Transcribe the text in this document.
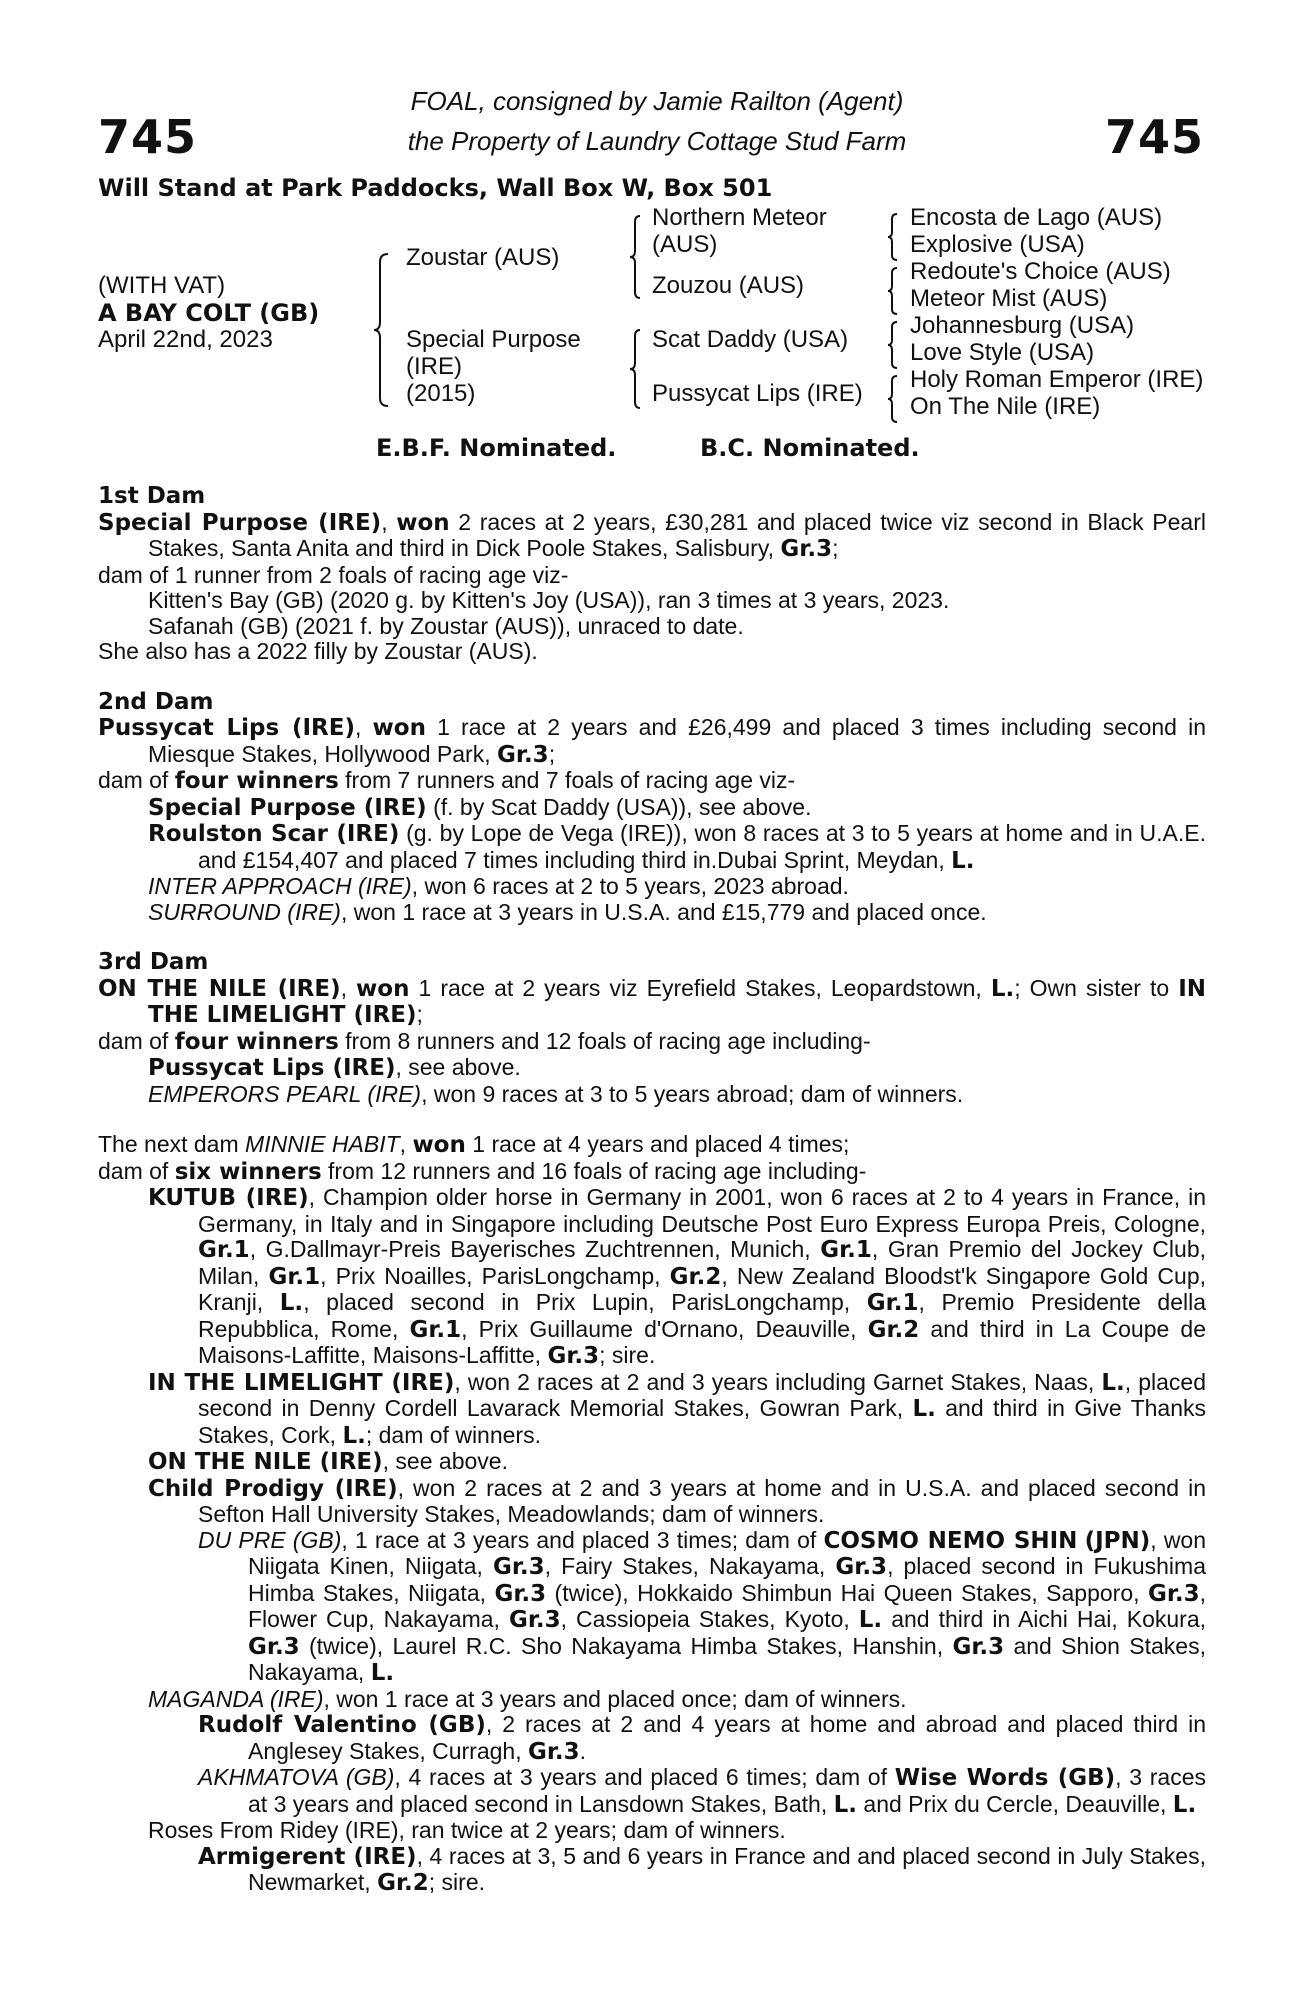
745	745
FOAL, consigned by Jamie Railton (Agent)
the Property of Laundry Cottage Stud Farm
Will Stand at Park Paddocks, Wall Box W, Box 501
(WITH VAT)
A BAY COLT (GB)
April 22nd, 2023
Zoustar (AUS)
Special Purpose
(IRE)
(2015)
Northern Meteor
(AUS)
Zouzou (AUS)
Scat Daddy (USA)
Pussycat Lips (IRE)
Encosta de Lago (AUS)
Explosive (USA)
Redoute's Choice (AUS)
Meteor Mist (AUS)
Johannesburg (USA)
Love Style (USA)
Holy Roman Emperor (IRE)
On The Nile (IRE)
E.B.F. Nominated.	B.C. Nominated.
1st Dam

Special Purpose (IRE), won 2 races at 2 years, £30,281 and placed twice viz second in Black Pearl Stakes, Santa Anita and third in Dick Poole Stakes, Salisbury, Gr.3;

dam of 1 runner from 2 foals of racing age viz-

Kitten's Bay (GB) (2020 g. by Kitten's Joy (USA)), ran 3 times at 3 years, 2023.

Safanah (GB) (2021 f. by Zoustar (AUS)), unraced to date.

She also has a 2022 filly by Zoustar (AUS).

2nd Dam

Pussycat Lips (IRE), won 1 race at 2 years and £26,499 and placed 3 times including second in Miesque Stakes, Hollywood Park, Gr.3;

dam of four winners from 7 runners and 7 foals of racing age viz-

Special Purpose (IRE) (f. by Scat Daddy (USA)), see above.

Roulston Scar (IRE) (g. by Lope de Vega (IRE)), won 8 races at 3 to 5 years at home and in U.A.E. and £154,407 and placed 7 times including third in.Dubai Sprint, Meydan, L.

INTER APPROACH (IRE), won 6 races at 2 to 5 years, 2023 abroad.

SURROUND (IRE), won 1 race at 3 years in U.S.A. and £15,779 and placed once.

3rd Dam

ON THE NILE (IRE), won 1 race at 2 years viz Eyrefield Stakes, Leopardstown, L.; Own sister to IN THE LIMELIGHT (IRE);

dam of four winners from 8 runners and 12 foals of racing age including-

Pussycat Lips (IRE), see above.

EMPERORS PEARL (IRE), won 9 races at 3 to 5 years abroad; dam of winners.

The next dam MINNIE HABIT, won 1 race at 4 years and placed 4 times;

dam of six winners from 12 runners and 16 foals of racing age including-

KUTUB (IRE), Champion older horse in Germany in 2001, won 6 races at 2 to 4 years in France, in Germany, in Italy and in Singapore including Deutsche Post Euro Express Europa Preis, Cologne, Gr.1, G.Dallmayr-Preis Bayerisches Zuchtrennen, Munich, Gr.1, Gran Premio del Jockey Club, Milan, Gr.1, Prix Noailles, ParisLongchamp, Gr.2, New Zealand Bloodst'k Singapore Gold Cup, Kranji, L., placed second in Prix Lupin, ParisLongchamp, Gr.1, Premio Presidente della Repubblica, Rome, Gr.1, Prix Guillaume d'Ornano, Deauville, Gr.2 and third in La Coupe de Maisons-Laffitte, Maisons-Laffitte, Gr.3; sire.

IN THE LIMELIGHT (IRE), won 2 races at 2 and 3 years including Garnet Stakes, Naas, L., placed second in Denny Cordell Lavarack Memorial Stakes, Gowran Park, L. and third in Give Thanks Stakes, Cork, L.; dam of winners.

ON THE NILE (IRE), see above.

Child Prodigy (IRE), won 2 races at 2 and 3 years at home and in U.S.A. and placed second in Sefton Hall University Stakes, Meadowlands; dam of winners.

DU PRE (GB), 1 race at 3 years and placed 3 times; dam of COSMO NEMO SHIN (JPN), won Niigata Kinen, Niigata, Gr.3, Fairy Stakes, Nakayama, Gr.3, placed second in Fukushima Himba Stakes, Niigata, Gr.3 (twice), Hokkaido Shimbun Hai Queen Stakes, Sapporo, Gr.3, Flower Cup, Nakayama, Gr.3, Cassiopeia Stakes, Kyoto, L. and third in Aichi Hai, Kokura, Gr.3 (twice), Laurel R.C. Sho Nakayama Himba Stakes, Hanshin, Gr.3 and Shion Stakes, Nakayama, L.

MAGANDA (IRE), won 1 race at 3 years and placed once; dam of winners.

Rudolf Valentino (GB), 2 races at 2 and 4 years at home and abroad and placed third in Anglesey Stakes, Curragh, Gr.3.

AKHMATOVA (GB), 4 races at 3 years and placed 6 times; dam of Wise Words (GB), 3 races at 3 years and placed second in Lansdown Stakes, Bath, L. and Prix du Cercle, Deauville, L.

Roses From Ridey (IRE), ran twice at 2 years; dam of winners.

Armigerent (IRE), 4 races at 3, 5 and 6 years in France and and placed second in July Stakes, Newmarket, Gr.2; sire.
